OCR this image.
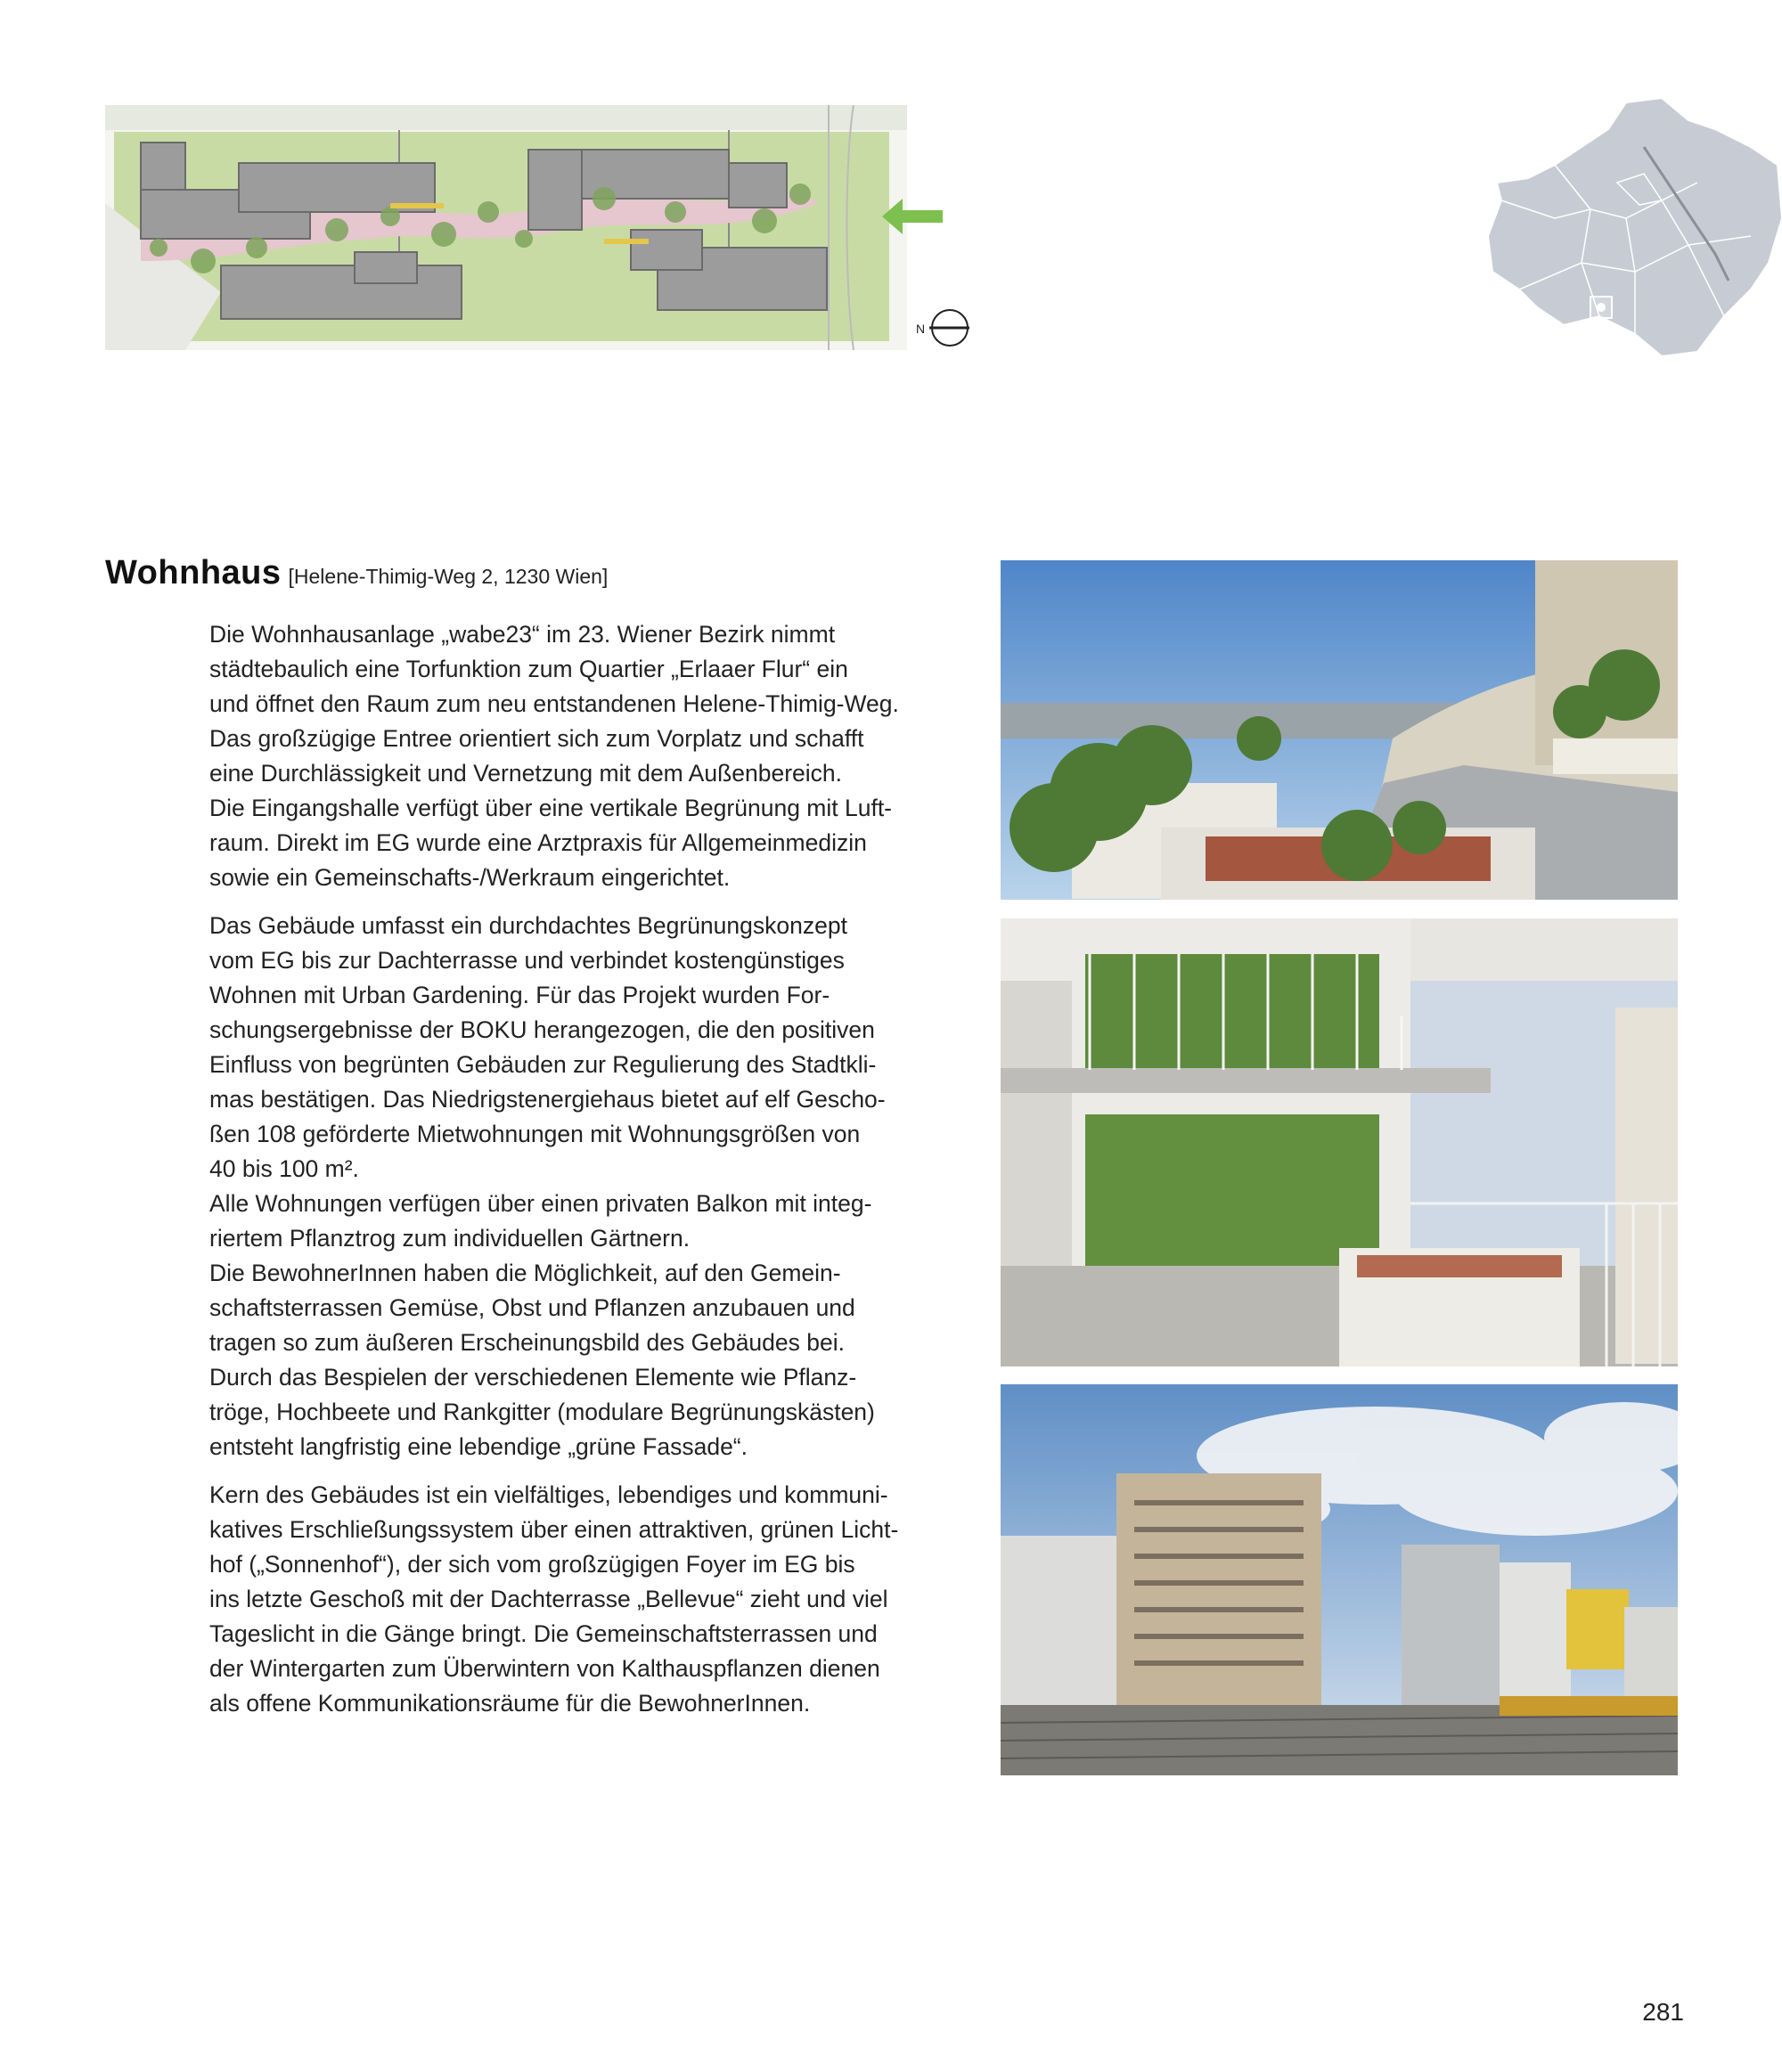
N
Wohnhaus [Helene-Thimig-Weg 2, 1230 Wien]

Die Wohnhausanlage „wabe23“ im 23. Wiener Bezirk nimmt
städtebaulich eine Torfunktion zum Quartier „Erlaaer Flur“ ein
und öffnet den Raum zum neu entstandenen Helene-Thimig-Weg.
Das großzügige Entree orientiert sich zum Vorplatz und schafft
eine Durchlässigkeit und Vernetzung mit dem Außenbereich.
Die Eingangshalle verfügt über eine vertikale Begrünung mit Luft-
raum. Direkt im EG wurde eine Arztpraxis für Allgemeinmedizin
sowie ein Gemeinschafts-/Werkraum eingerichtet.

Das Gebäude umfasst ein durchdachtes Begrünungskonzept
vom EG bis zur Dachterrasse und verbindet kostengünstiges
Wohnen mit Urban Gardening. Für das Projekt wurden For-
schungsergebnisse der BOKU herangezogen, die den positiven
Einfluss von begrünten Gebäuden zur Regulierung des Stadtkli-
mas bestätigen. Das Niedrigstenergiehaus bietet auf elf Gescho-
ßen 108 geförderte Mietwohnungen mit Wohnungsgrößen von
40 bis 100 m².
Alle Wohnungen verfügen über einen privaten Balkon mit integ-
riertem Pflanztrog zum individuellen Gärtnern.
Die BewohnerInnen haben die Möglichkeit, auf den Gemein-
schaftsterrassen Gemüse, Obst und Pflanzen anzubauen und
tragen so zum äußeren Erscheinungsbild des Gebäudes bei.
Durch das Bespielen der verschiedenen Elemente wie Pflanz-
tröge, Hochbeete und Rankgitter (modulare Begrünungskästen)
entsteht langfristig eine lebendige „grüne Fassade“.

Kern des Gebäudes ist ein vielfältiges, lebendiges und kommuni-
katives Erschließungssystem über einen attraktiven, grünen Licht-
hof („Sonnenhof“), der sich vom großzügigen Foyer im EG bis
ins letzte Geschoß mit der Dachterrasse „Bellevue“ zieht und viel
Tageslicht in die Gänge bringt. Die Gemeinschaftsterrassen und
der Wintergarten zum Überwintern von Kalthauspflanzen dienen
als offene Kommunikationsräume für die BewohnerInnen.

281
